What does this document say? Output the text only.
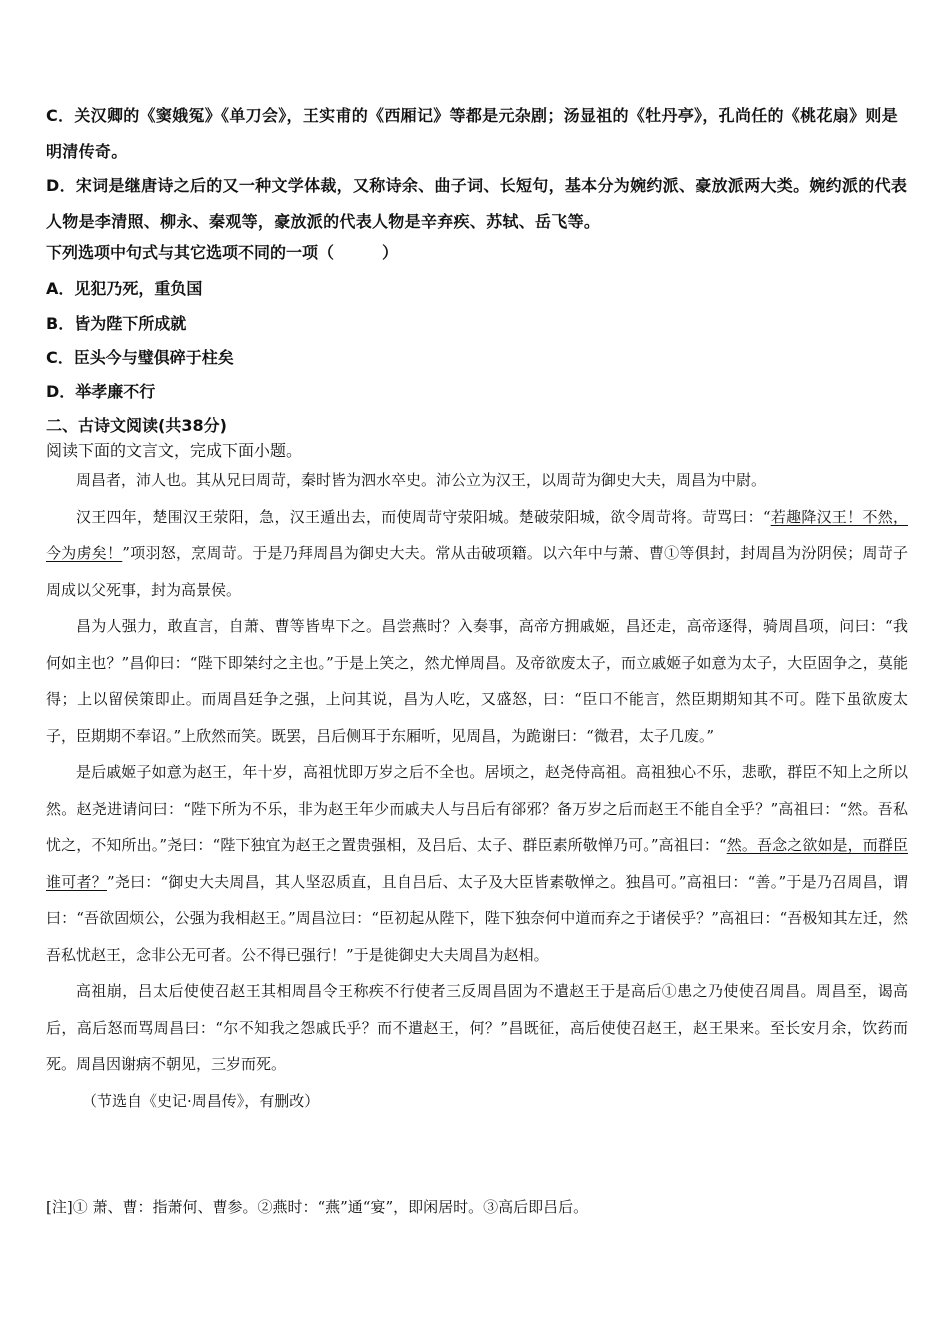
C．关汉卿的《窦娥冤》《单刀会》，王实甫的《西厢记》等都是元杂剧；汤显祖的《牡丹亭》，孔尚任的《桃花扇》则是明清传奇。
D．宋词是继唐诗之后的又一种文学体裁，又称诗余、曲子词、长短句，基本分为婉约派、豪放派两大类。婉约派的代表人物是李清照、柳永、秦观等，豪放派的代表人物是辛弃疾、苏轼、岳飞等。
下列选项中句式与其它选项不同的一项（　　　）
A．见犯乃死，重负国
B．皆为陛下所成就
C．臣头今与璧俱碎于柱矣
D．举孝廉不行
二、古诗文阅读(共38分)
阅读下面的文言文，完成下面小题。

周昌者，沛人也。其从兄曰周苛，秦时皆为泗水卒史。沛公立为汉王，以周苛为御史大夫，周昌为中尉。

汉王四年，楚围汉王荥阳，急，汉王遁出去，而使周苛守荥阳城。楚破荥阳城，欲令周苛将。苛骂曰：“若趣降汉王！不然，今为虏矣！”项羽怒，烹周苛。于是乃拜周昌为御史大夫。常从击破项籍。以六年中与萧、曹①等俱封，封周昌为汾阴侯；周苛子周成以父死事，封为高景侯。

昌为人强力，敢直言，自萧、曹等皆卑下之。昌尝燕时？入奏事，高帝方拥戚姬，昌还走，高帝逐得，骑周昌项，问曰：“我何如主也？”昌仰曰：“陛下即桀纣之主也。”于是上笑之，然尤惮周昌。及帝欲废太子，而立戚姬子如意为太子，大臣固争之，莫能得；上以留侯策即止。而周昌廷争之强，上问其说，昌为人吃，又盛怒，曰：“臣口不能言，然臣期期知其不可。陛下虽欲废太子，臣期期不奉诏。”上欣然而笑。既罢，吕后侧耳于东厢听，见周昌，为跪谢曰：“微君，太子几废。”

是后戚姬子如意为赵王，年十岁，高祖忧即万岁之后不全也。居顷之，赵尧侍高祖。高祖独心不乐，悲歌，群臣不知上之所以然。赵尧进请问曰：“陛下所为不乐，非为赵王年少而戚夫人与吕后有郤邪？备万岁之后而赵王不能自全乎？”高祖曰：“然。吾私忧之，不知所出。”尧曰：“陛下独宜为赵王之置贵强相，及吕后、太子、群臣素所敬惮乃可。”高祖曰：“然。吾念之欲如是，而群臣谁可者？”尧曰：“御史大夫周昌，其人坚忍质直，且自吕后、太子及大臣皆素敬惮之。独昌可。”高祖曰：“善。”于是乃召周昌，谓曰：“吾欲固烦公，公强为我相赵王。”周昌泣曰：“臣初起从陛下，陛下独奈何中道而弃之于诸侯乎？”高祖曰：“吾极知其左迁，然吾私忧赵王，念非公无可者。公不得已强行！”于是徙御史大夫周昌为赵相。

高祖崩，吕太后使使召赵王其相周昌令王称疾不行使者三反周昌固为不遣赵王于是高后①患之乃使使召周昌。周昌至，谒高后，高后怒而骂周昌曰：“尔不知我之怨戚氏乎？而不遣赵王，何？”昌既征，高后使使召赵王，赵王果来。至长安月余，饮药而死。周昌因谢病不朝见，三岁而死。

（节选自《史记·周昌传》，有删改）

[注]① 萧、曹：指萧何、曹参。②燕时：“燕”通“宴”，即闲居时。③高后即吕后。
